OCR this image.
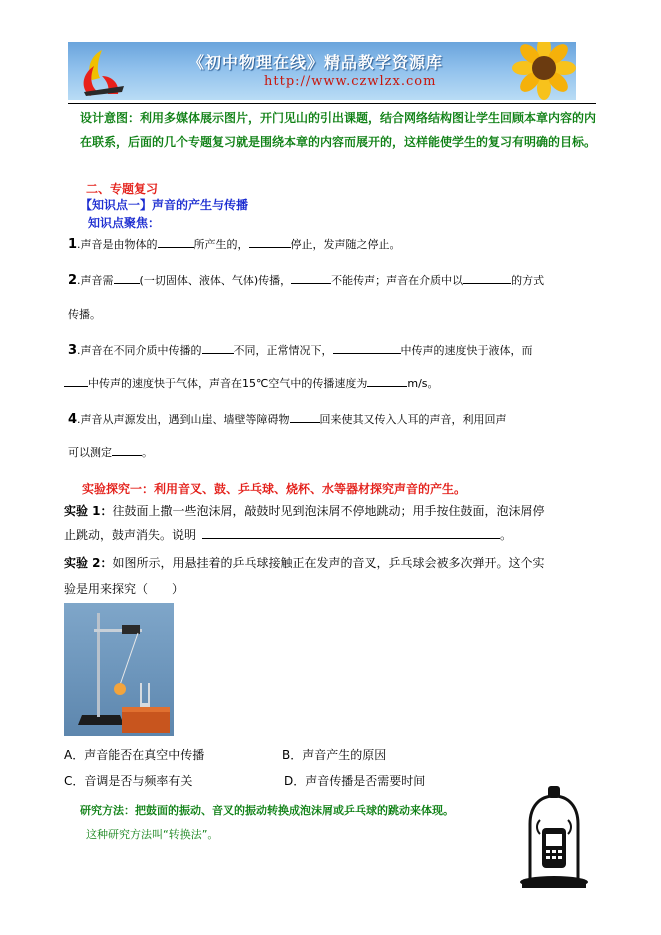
《初中物理在线》精品教学资源库
http://www.czwlzx.com
设计意图：利用多媒体展示图片，开门见山的引出课题，结合网络结构图让学生回顾本章内容的内在联系，后面的几个专题复习就是围绕本章的内容而展开的，这样能使学生的复习有明确的目标。
二、专题复习
【知识点一】声音的产生与传播
知识点聚焦：
1.声音是由物体的	所产生的，	停止，发声随之停止。
2.声音需 (一切固体、液体、气体)传播，	不能传声；声音在介质中以	的方式
传播。
3.声音在不同介质中传播的	不同，正常情况下，	中传声的速度快于液体，而
中传声的速度快于气体，声音在15℃空气中的传播速度为	m/s。
4.声音从声源发出，遇到山崖、墙壁等障碍物	回来使其又传入人耳的声音，利用回声
可以测定	。
实验探究一：利用音叉、鼓、乒乓球、烧杯、水等器材探究声音的产生。
实验 1：往鼓面上撒一些泡沫屑，敲鼓时见到泡沫屑不停地跳动；用手按住鼓面，泡沫屑停
止跳动，鼓声消失。说明	。
实验 2：如图所示，用悬挂着的乒乓球接触正在发声的音叉，乒乓球会被多次弹开。这个实
验是用来探究（　　）
A．声音能否在真空中传播	B．声音产生的原因
C．音调是否与频率有关	D．声音传播是否需要时间
研究方法：把鼓面的振动、音叉的振动转换成泡沫屑或乒乓球的跳动来体现。
这种研究方法叫“转换法”。
